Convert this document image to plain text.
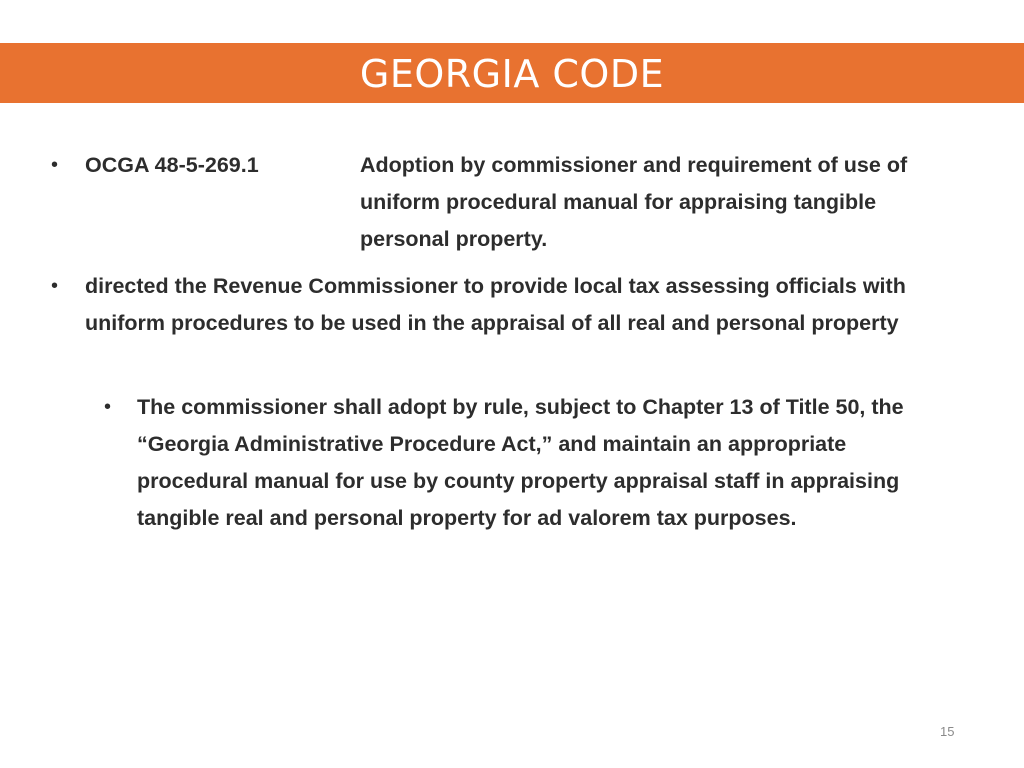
GEORGIA CODE
• OCGA 48-5-269.1	Adoption by commissioner and requirement of use of uniform procedural manual for appraising tangible personal property.
• directed the Revenue Commissioner to provide local tax assessing officials with uniform procedures to be used in the appraisal of all real and personal property
• The commissioner shall adopt by rule, subject to Chapter 13 of Title 50, the “Georgia Administrative Procedure Act,” and maintain an appropriate procedural manual for use by county property appraisal staff in appraising tangible real and personal property for ad valorem tax purposes.
15
